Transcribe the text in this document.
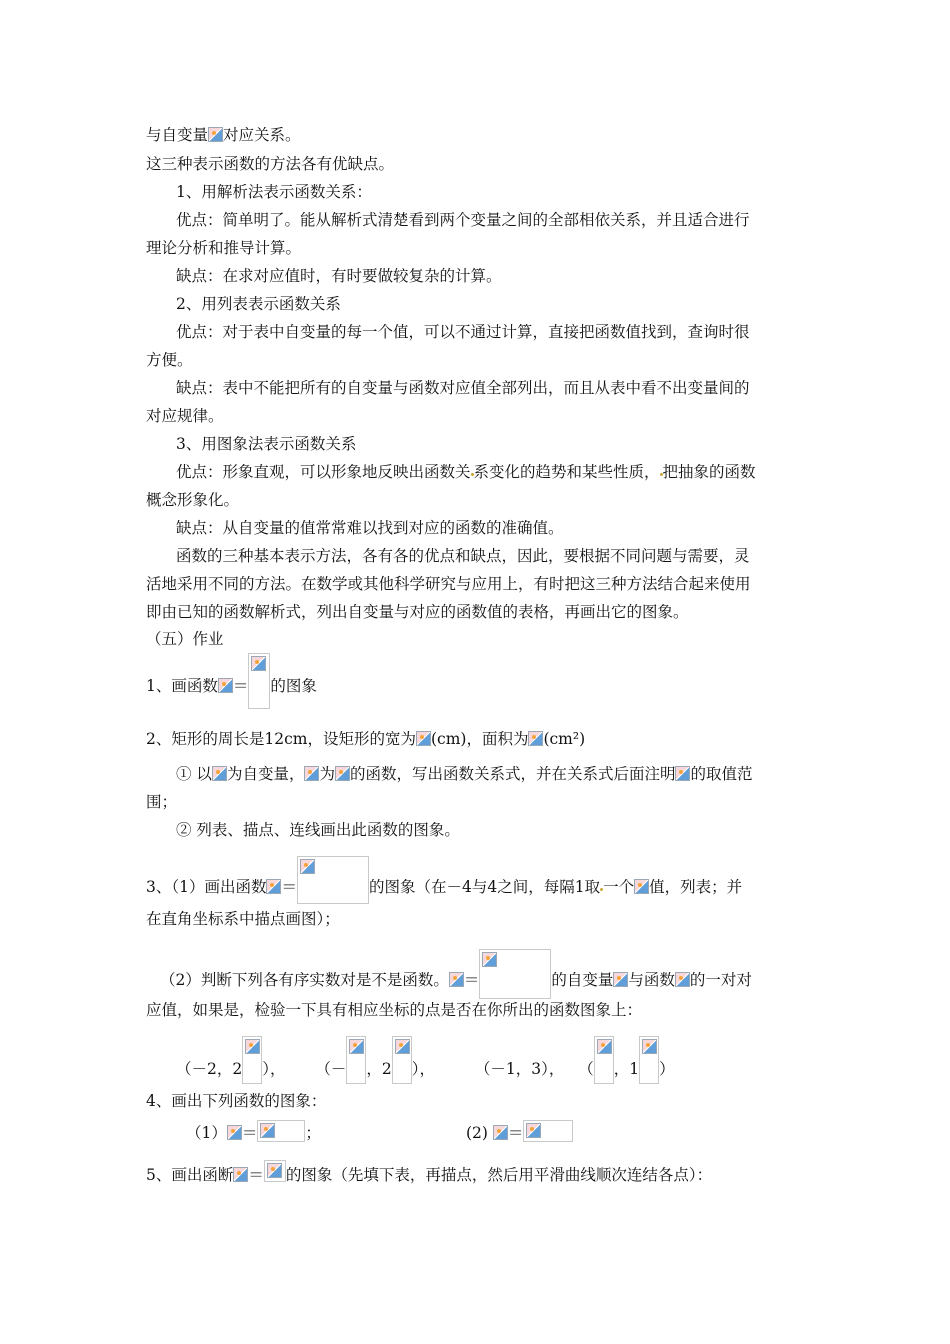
与自变量 对应关系。
这三种表示函数的方法各有优缺点。
1、用解析法表示函数关系：
优点：简单明了。能从解析式清楚看到两个变量之间的全部相依关系，并且适合进行
理论分析和推导计算。
缺点：在求对应值时，有时要做较复杂的计算。
2、用列表表示函数关系
优点：对于表中自变量的每一个值，可以不通过计算，直接把函数值找到，查询时很
方便。
缺点：表中不能把所有的自变量与函数对应值全部列出，而且从表中看不出变量间的
对应规律。
3、用图象法表示函数关系
优点：形象直观，可以形象地反映出函数关 系变化的趋势和某些性质， 把抽象的函数
概念形象化。
缺点：从自变量的值常常难以找到对应的函数的准确值。
函数的三种基本表示方法，各有各的优点和缺点，因此，要根据不同问题与需要，灵
活地采用不同的方法。在数学或其他科学研究与应用上，有时把这三种方法结合起来使用
即由已知的函数解析式，列出自变量与对应的函数值的表格，再画出它的图象。
（五）作业
1、画函数 ＝ 的图象
2、矩形的周长是12cm，设矩形的宽为 (cm)，面积为 (cm²)
① 以 为自变量， 为 的函数，写出函数关系式，并在关系式后面注明 的取值范
围；
② 列表、描点、连线画出此函数的图象。
3、（1）画出函数 ＝	的图象（在－4与4之间，每隔1取 一个 值，列表；并
在直角坐标系中描点画图）；
（2）判断下列各有序实数对是不是函数。 ＝	的自变量 与函数 的一对对
应值，如果是，检验一下具有相应坐标的点是否在你所出的函数图象上：
（－2，2 ）， （－ ，2 ），	（－1，3）， （ ，1 ）
4、画出下列函数的图象：
（1） ＝	；	(2) ＝
5、画出函断 ＝ 的图象（先填下表，再描点，然后用平滑曲线顺次连结各点）：
